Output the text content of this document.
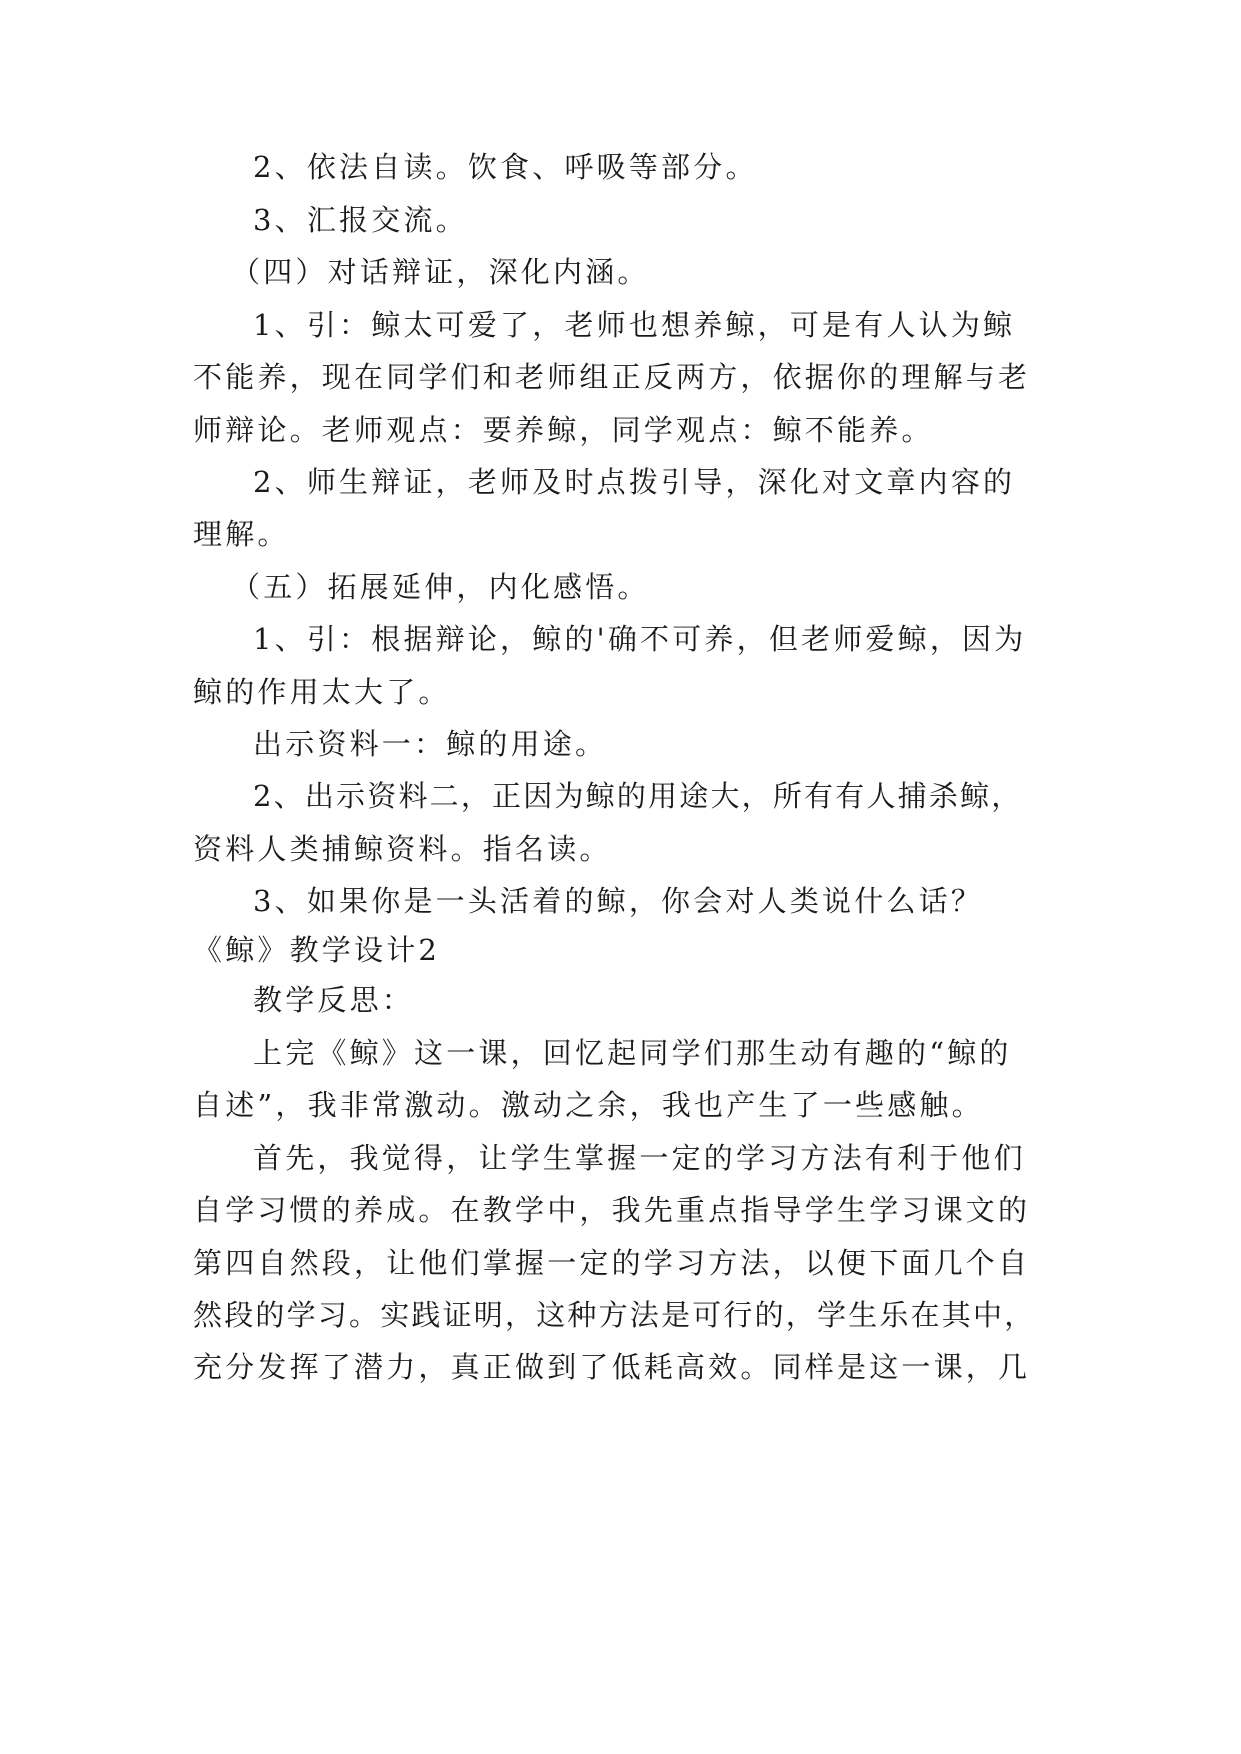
2、依法自读。饮食、呼吸等部分。
3、汇报交流。
（四）对话辩证，深化内涵。
1、引：鲸太可爱了，老师也想养鲸，可是有人认为鲸
不能养，现在同学们和老师组正反两方，依据你的理解与老
师辩论。老师观点：要养鲸，同学观点：鲸不能养。
2、师生辩证，老师及时点拨引导，深化对文章内容的
理解。
（五）拓展延伸，内化感悟。
1、引：根据辩论，鲸的'确不可养，但老师爱鲸，因为
鲸的作用太大了。
出示资料一：鲸的用途。
2、出示资料二，正因为鲸的用途大，所有有人捕杀鲸，
资料人类捕鲸资料。指名读。
3、如果你是一头活着的鲸，你会对人类说什么话？
《鲸》教学设计2
教学反思：
上完《鲸》这一课，回忆起同学们那生动有趣的“鲸的
自述”，我非常激动。激动之余，我也产生了一些感触。
首先，我觉得，让学生掌握一定的学习方法有利于他们
自学习惯的养成。在教学中，我先重点指导学生学习课文的
第四自然段，让他们掌握一定的学习方法，以便下面几个自
然段的学习。实践证明，这种方法是可行的，学生乐在其中，
充分发挥了潜力，真正做到了低耗高效。同样是这一课，几
